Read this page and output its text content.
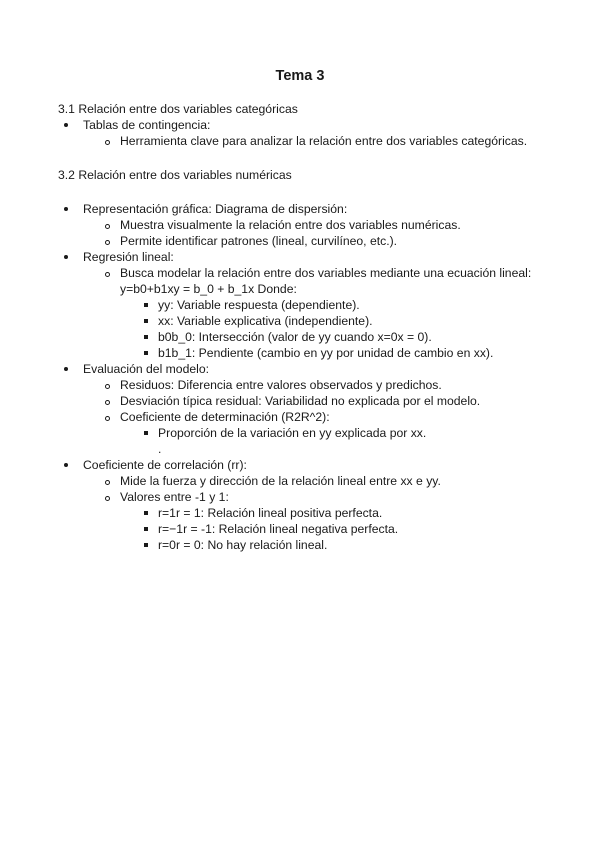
Tema 3
3.1 Relación entre dos variables categóricas
Tablas de contingencia:
Herramienta clave para analizar la relación entre dos variables categóricas.
3.2 Relación entre dos variables numéricas
Representación gráfica: Diagrama de dispersión:
Muestra visualmente la relación entre dos variables numéricas.
Permite identificar patrones (lineal, curvilíneo, etc.).
Regresión lineal:
Busca modelar la relación entre dos variables mediante una ecuación lineal:
y=b0+b1xy = b_0 + b_1x Donde:
yy: Variable respuesta (dependiente).
xx: Variable explicativa (independiente).
b0b_0: Intersección (valor de yy cuando x=0x = 0).
b1b_1: Pendiente (cambio en yy por unidad de cambio en xx).
Evaluación del modelo:
Residuos: Diferencia entre valores observados y predichos.
Desviación típica residual: Variabilidad no explicada por el modelo.
Coeficiente de determinación (R2R^2):
Proporción de la variación en yy explicada por xx.
.
Coeficiente de correlación (rr):
Mide la fuerza y dirección de la relación lineal entre xx e yy.
Valores entre -1 y 1:
r=1r = 1: Relación lineal positiva perfecta.
r=−1r = -1: Relación lineal negativa perfecta.
r=0r = 0: No hay relación lineal.
